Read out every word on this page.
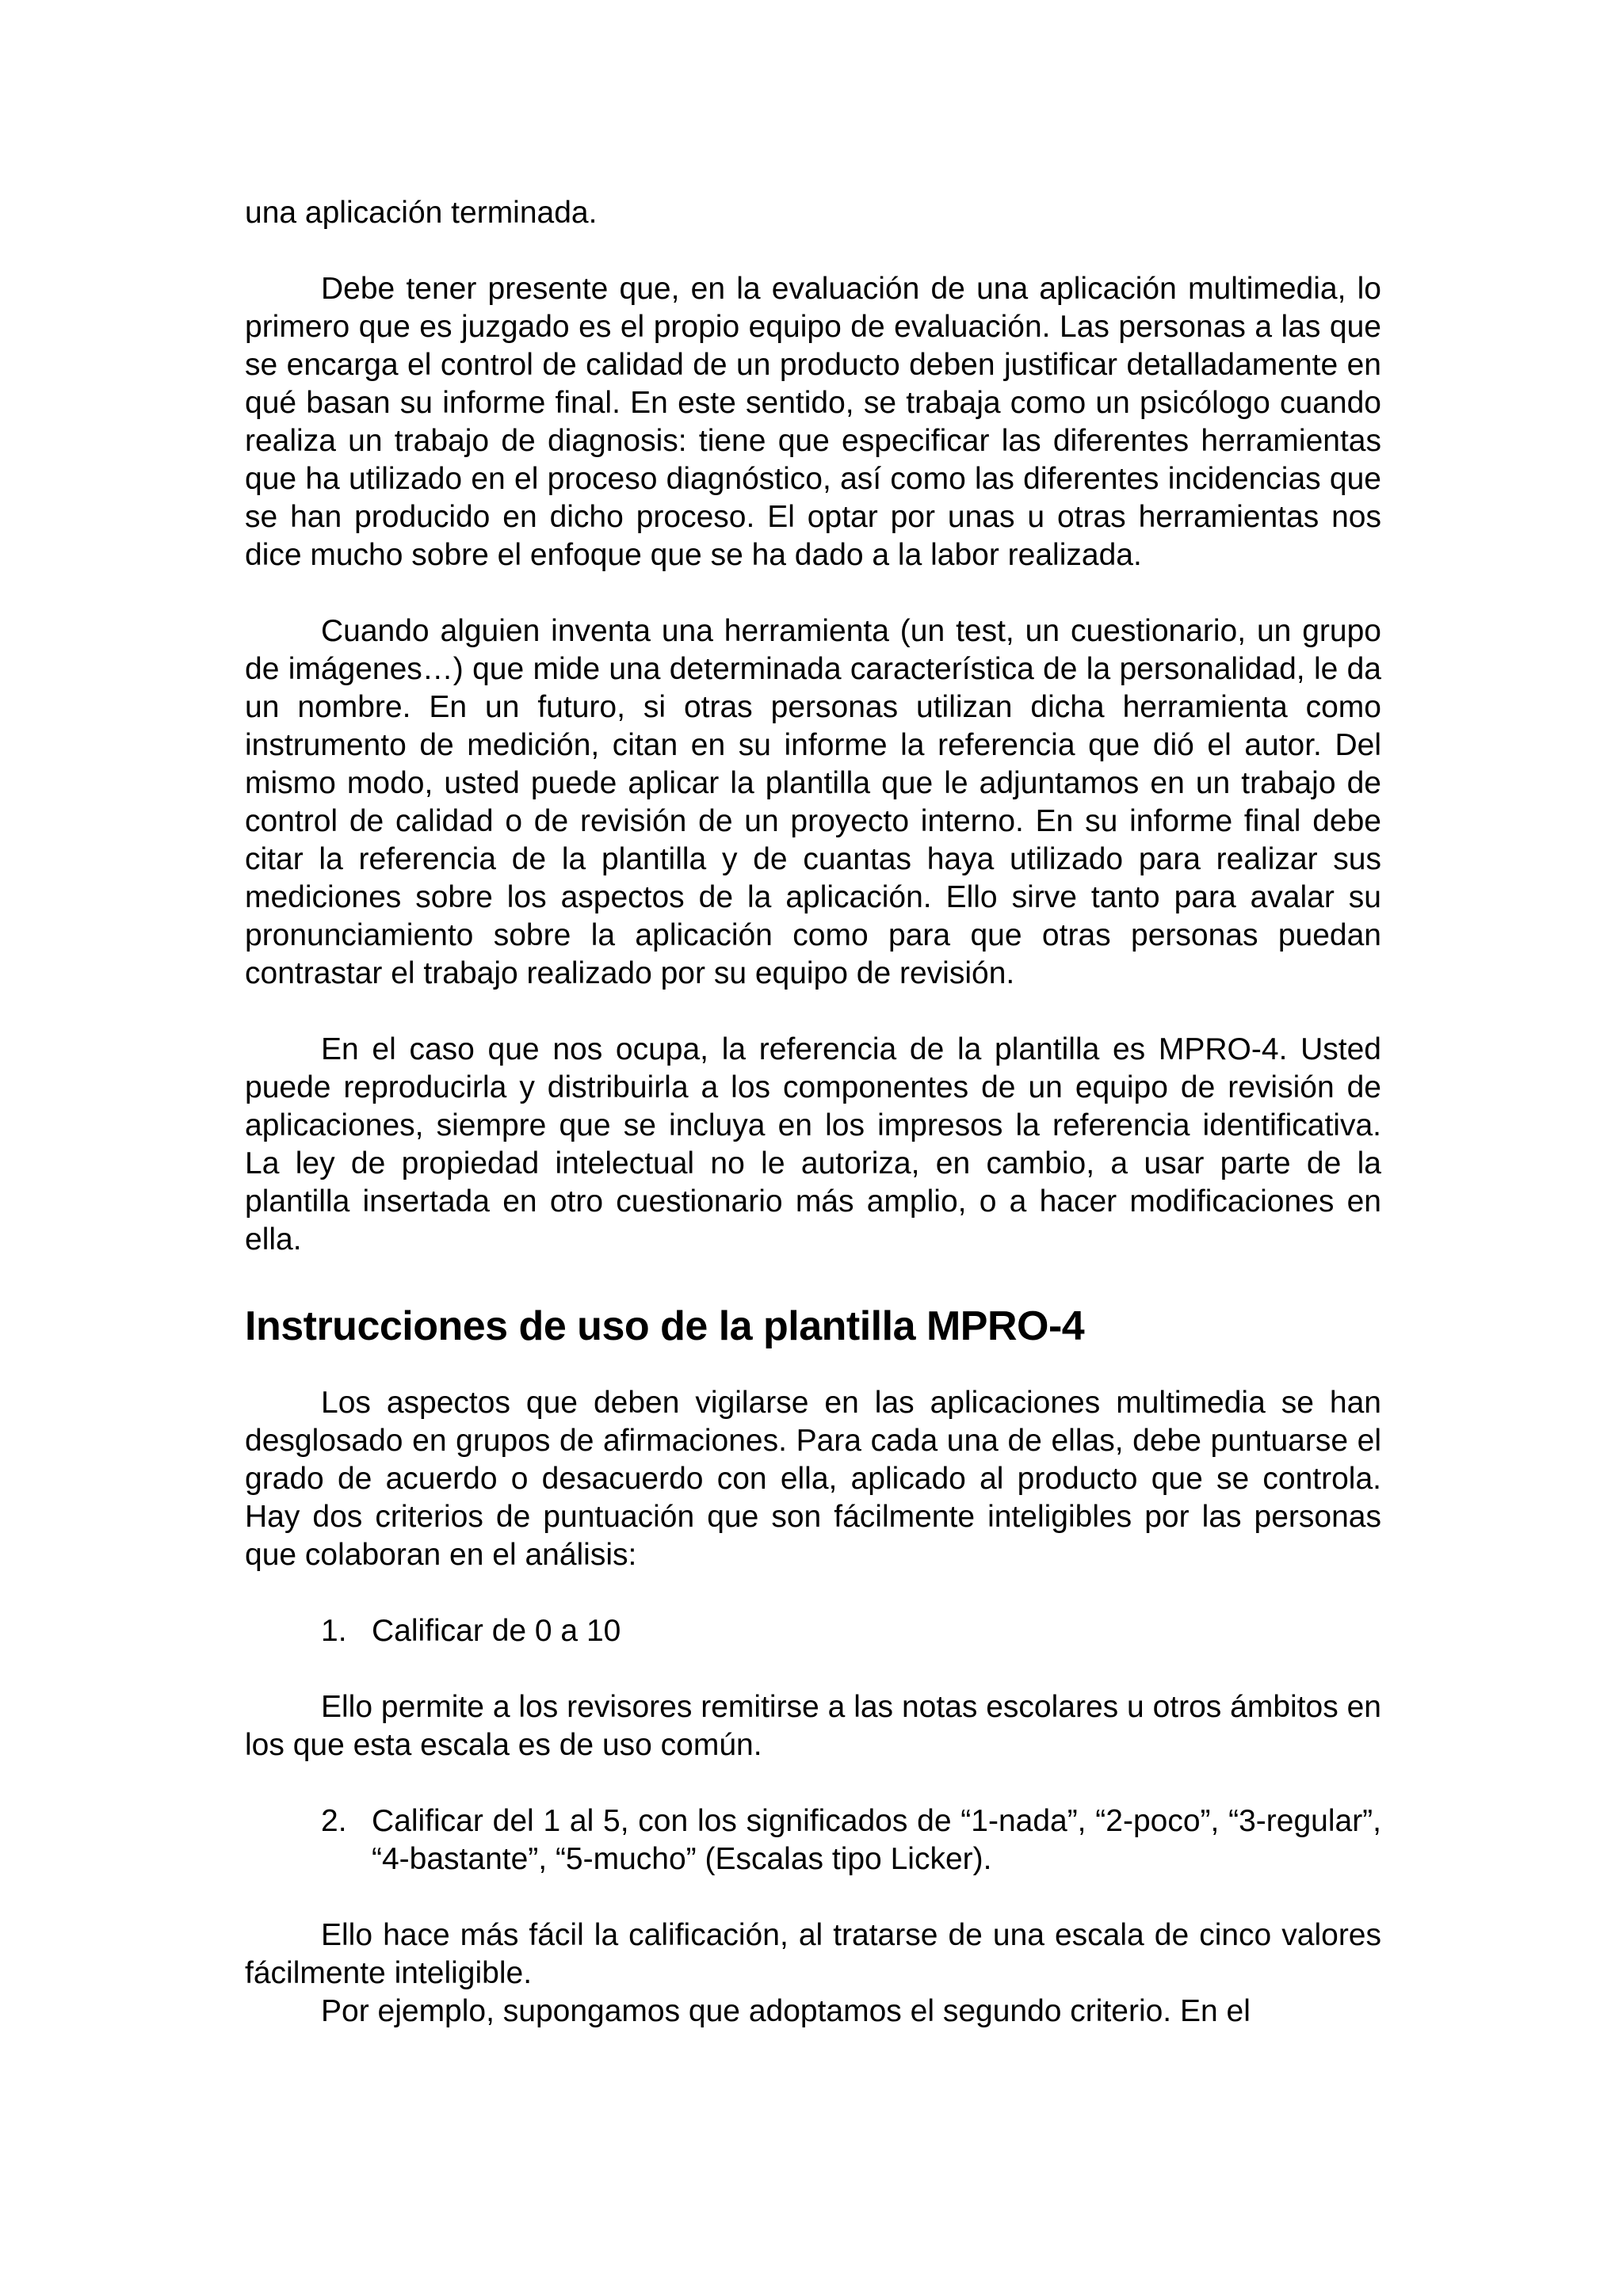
una aplicación terminada.

Debe tener presente que, en la evaluación de una aplicación multimedia, lo primero que es juzgado es el propio equipo de evaluación. Las personas a las que se encarga el control de calidad de un producto deben justificar detalladamente en qué basan su informe final. En este sentido, se trabaja como un psicólogo cuando realiza un trabajo de diagnosis: tiene que especificar las diferentes herramientas que ha utilizado en el proceso diagnóstico, así como las diferentes incidencias que se han producido en dicho proceso. El optar por unas u otras herramientas nos dice mucho sobre el enfoque que se ha dado a la labor realizada.

Cuando alguien inventa una herramienta (un test, un cuestionario, un grupo de imágenes…) que mide una determinada característica de la personalidad, le da un nombre. En un futuro, si otras personas utilizan dicha herramienta como instrumento de medición, citan en su informe la referencia que dió el autor. Del mismo modo, usted puede aplicar la plantilla que le adjuntamos en un trabajo de control de calidad o de revisión de un proyecto interno. En su informe final debe citar la referencia de la plantilla y de cuantas haya utilizado para realizar sus mediciones sobre los aspectos de la aplicación. Ello sirve tanto para avalar su pronunciamiento sobre la aplicación como para que otras personas puedan contrastar el trabajo realizado por su equipo de revisión.

En el caso que nos ocupa, la referencia de la plantilla es MPRO-4. Usted puede reproducirla y distribuirla a los componentes de un equipo de revisión de aplicaciones, siempre que se incluya en los impresos la referencia identificativa. La ley de propiedad intelectual no le autoriza, en cambio, a usar parte de la plantilla insertada en otro cuestionario más amplio, o a hacer modificaciones en ella.

Instrucciones de uso de la plantilla MPRO-4

Los aspectos que deben vigilarse en las aplicaciones multimedia se han desglosado en grupos de afirmaciones. Para cada una de ellas, debe puntuarse el grado de acuerdo o desacuerdo con ella, aplicado al producto que se controla. Hay dos criterios de puntuación que son fácilmente inteligibles por las personas que colaboran en el análisis:

1. Calificar de 0 a 10

Ello permite a los revisores remitirse a las notas escolares u otros ámbitos en los que esta escala es de uso común.

2. Calificar del 1 al 5, con los significados de “1-nada”, “2-poco”, “3-regular”, “4-bastante”, “5-mucho” (Escalas tipo Licker).

Ello hace más fácil la calificación, al tratarse de una escala de cinco valores fácilmente inteligible.

Por ejemplo, supongamos que adoptamos el segundo criterio. En el
